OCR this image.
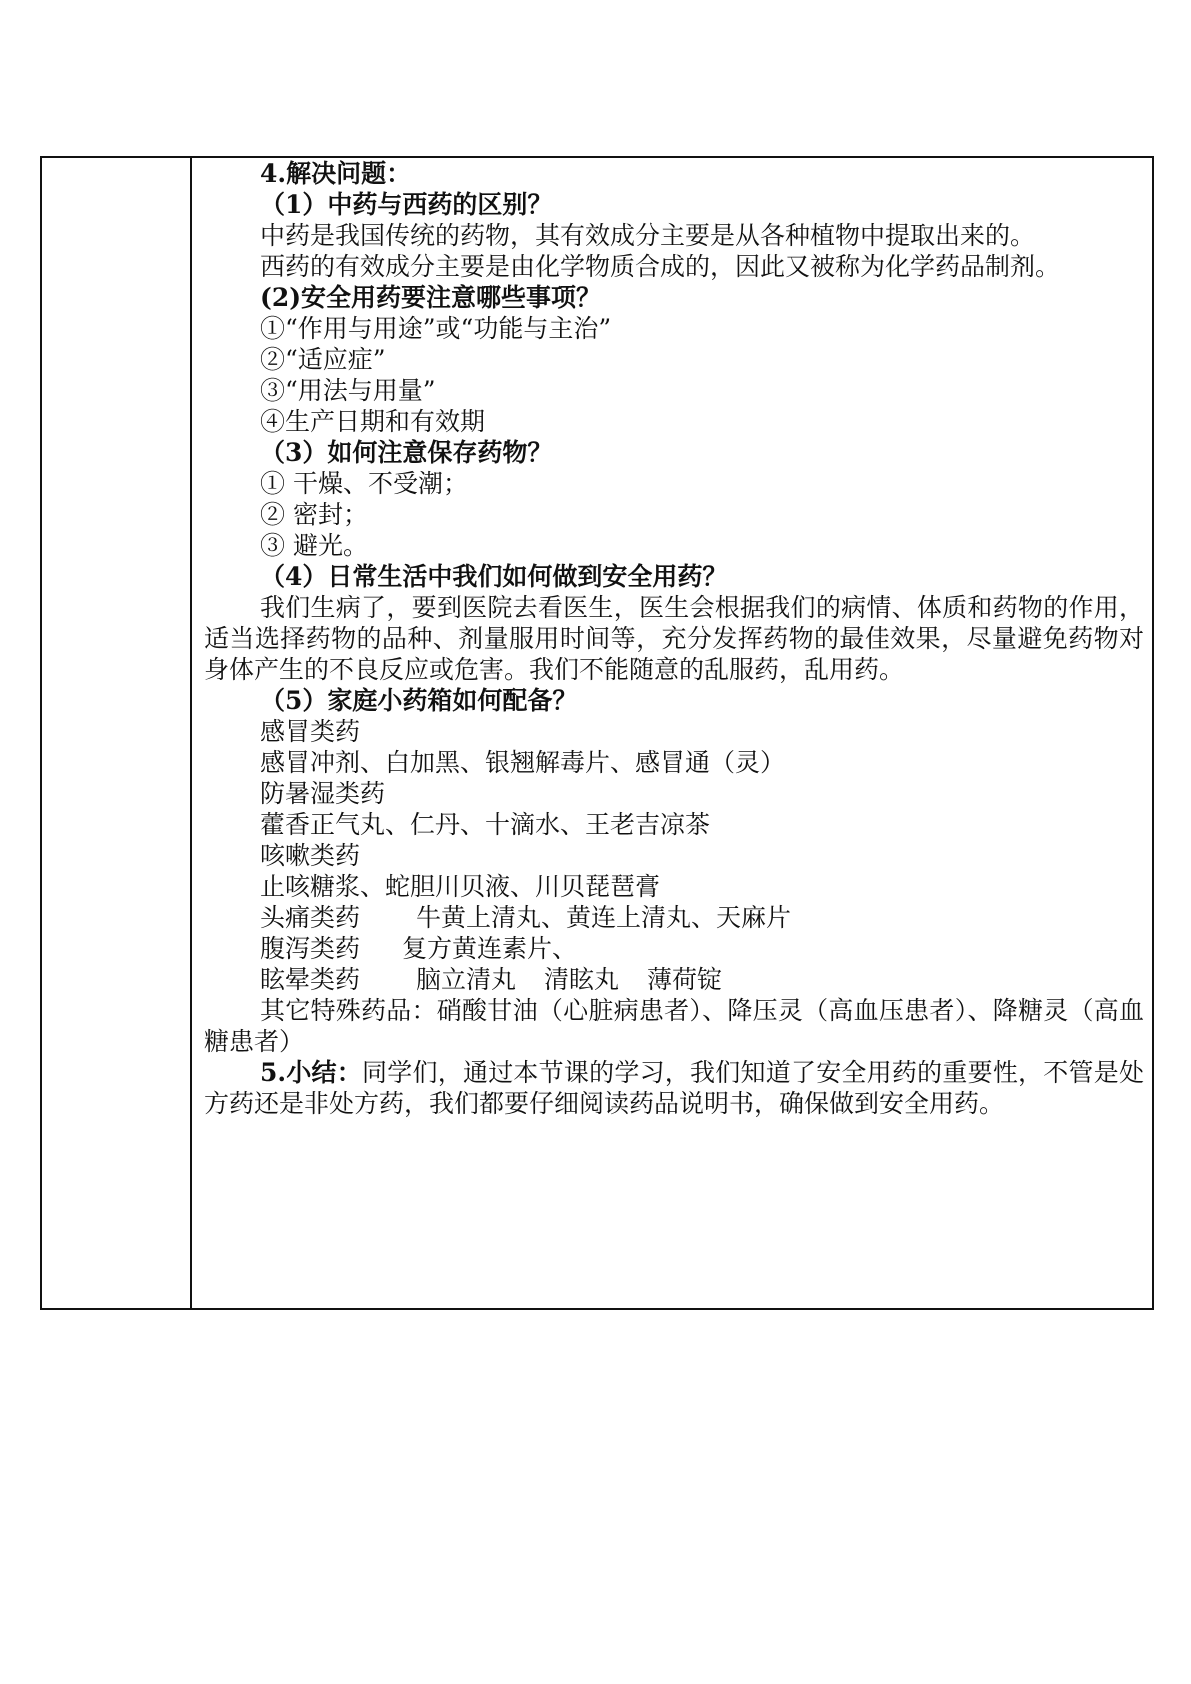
4.解决问题：
（1）中药与西药的区别？
中药是我国传统的药物，其有效成分主要是从各种植物中提取出来的。
西药的有效成分主要是由化学物质合成的，因此又被称为化学药品制剂。
(2)安全用药要注意哪些事项？
①“作用与用途”或“功能与主治”
②“适应症”
③“用法与用量”
④生产日期和有效期
（3）如何注意保存药物？
① 干燥、不受潮；
② 密封；
③ 避光。
（4）日常生活中我们如何做到安全用药？
我们生病了，要到医院去看医生，医生会根据我们的病情、体质和药物的作用，适当选择药物的品种、剂量服用时间等，充分发挥药物的最佳效果，尽量避免药物对身体产生的不良反应或危害。我们不能随意的乱服药，乱用药。
（5）家庭小药箱如何配备？
感冒类药
感冒冲剂、白加黑、银翘解毒片、感冒通（灵）
防暑湿类药
藿香正气丸、仁丹、十滴水、王老吉凉茶
咳嗽类药
止咳糖浆、蛇胆川贝液、川贝琵琶膏
头痛类药 牛黄上清丸、黄连上清丸、天麻片
腹泻类药 复方黄连素片、
眩晕类药 脑立清丸 清眩丸 薄荷锭
其它特殊药品：硝酸甘油（心脏病患者）、降压灵（高血压患者）、降糖灵（高血糖患者）
5.小结：同学们，通过本节课的学习，我们知道了安全用药的重要性，不管是处方药还是非处方药，我们都要仔细阅读药品说明书，确保做到安全用药。
